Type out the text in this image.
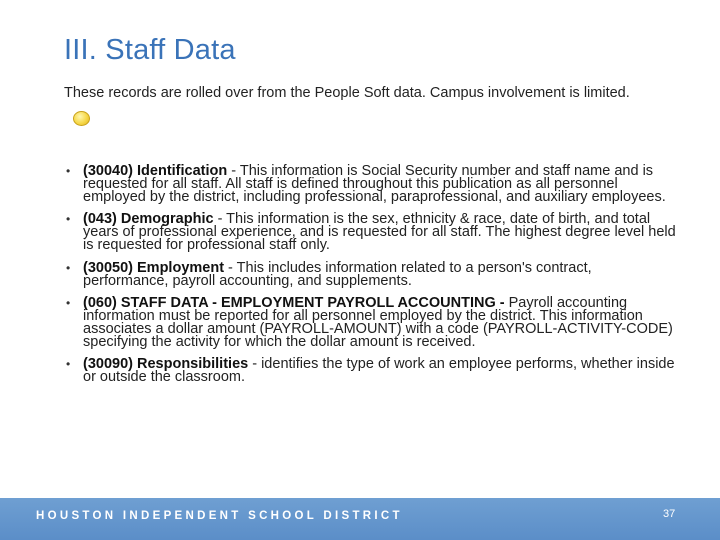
III. Staff Data
These records are rolled over from the People Soft data. Campus involvement is limited.
• (30040) Identification - This information is Social Security number and staff name and is requested for all staff. All staff is defined throughout this publication as all personnel employed by the district, including professional, paraprofessional, and auxiliary employees.
• (043) Demographic - This information is the sex, ethnicity & race, date of birth, and total years of professional experience, and is requested for all staff. The highest degree level held is requested for professional staff only.
• (30050) Employment - This includes information related to a person's contract, performance, payroll accounting, and supplements.
• (060) STAFF DATA - EMPLOYMENT PAYROLL ACCOUNTING - Payroll accounting information must be reported for all personnel employed by the district. This information associates a dollar amount (PAYROLL-AMOUNT) with a code (PAYROLL-ACTIVITY-CODE) specifying the activity for which the dollar amount is received.
• (30090) Responsibilities - identifies the type of work an employee performs, whether inside or outside the classroom.
HOUSTON INDEPENDENT SCHOOL DISTRICT	37
